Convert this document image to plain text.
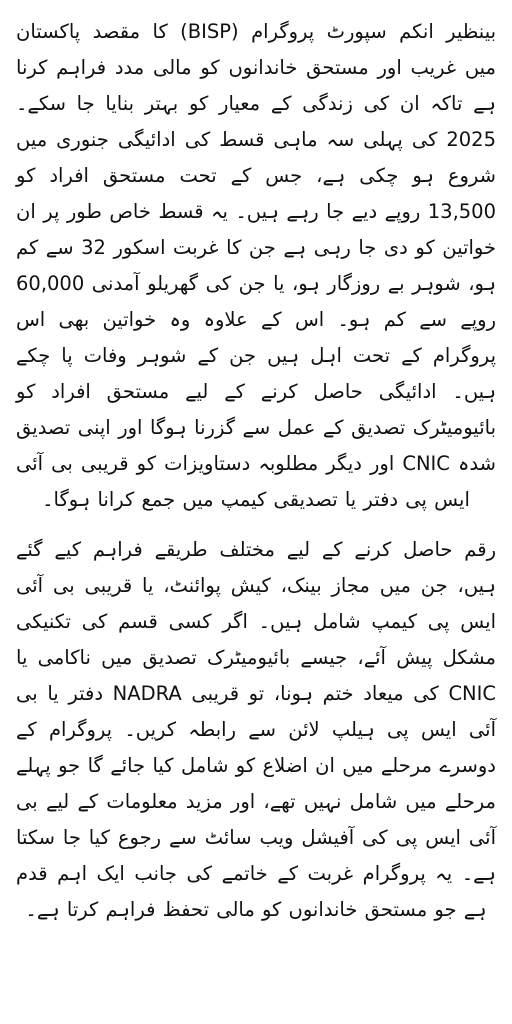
بینظیر انکم سپورٹ پروگرام (BISP) کا مقصد پاکستان میں غریب اور مستحق خاندانوں کو مالی مدد فراہم کرنا ہے تاکہ ان کی زندگی کے معیار کو بہتر بنایا جا سکے۔ 2025 کی پہلی سہ ماہی قسط کی ادائیگی جنوری میں شروع ہو چکی ہے، جس کے تحت مستحق افراد کو 13,500 روپے دیے جا رہے ہیں۔ یہ قسط خاص طور پر ان خواتین کو دی جا رہی ہے جن کا غربت اسکور 32 سے کم ہو، شوہر بے روزگار ہو، یا جن کی گھریلو آمدنی 60,000 روپے سے کم ہو۔ اس کے علاوہ وہ خواتین بھی اس پروگرام کے تحت اہل ہیں جن کے شوہر وفات پا چکے ہیں۔ ادائیگی حاصل کرنے کے لیے مستحق افراد کو بائیومیٹرک تصدیق کے عمل سے گزرنا ہوگا اور اپنی تصدیق شدہ CNIC اور دیگر مطلوبہ دستاویزات کو قریبی بی آئی ایس پی دفتر یا تصدیقی کیمپ میں جمع کرانا ہوگا۔

رقم حاصل کرنے کے لیے مختلف طریقے فراہم کیے گئے ہیں، جن میں مجاز بینک، کیش پوائنٹ، یا قریبی بی آئی ایس پی کیمپ شامل ہیں۔ اگر کسی قسم کی تکنیکی مشکل پیش آئے، جیسے بائیومیٹرک تصدیق میں ناکامی یا CNIC کی میعاد ختم ہونا، تو قریبی NADRA دفتر یا بی آئی ایس پی ہیلپ لائن سے رابطہ کریں۔ پروگرام کے دوسرے مرحلے میں ان اضلاع کو شامل کیا جائے گا جو پہلے مرحلے میں شامل نہیں تھے، اور مزید معلومات کے لیے بی آئی ایس پی کی آفیشل ویب سائٹ سے رجوع کیا جا سکتا ہے۔ یہ پروگرام غربت کے خاتمے کی جانب ایک اہم قدم ہے جو مستحق خاندانوں کو مالی تحفظ فراہم کرتا ہے۔
